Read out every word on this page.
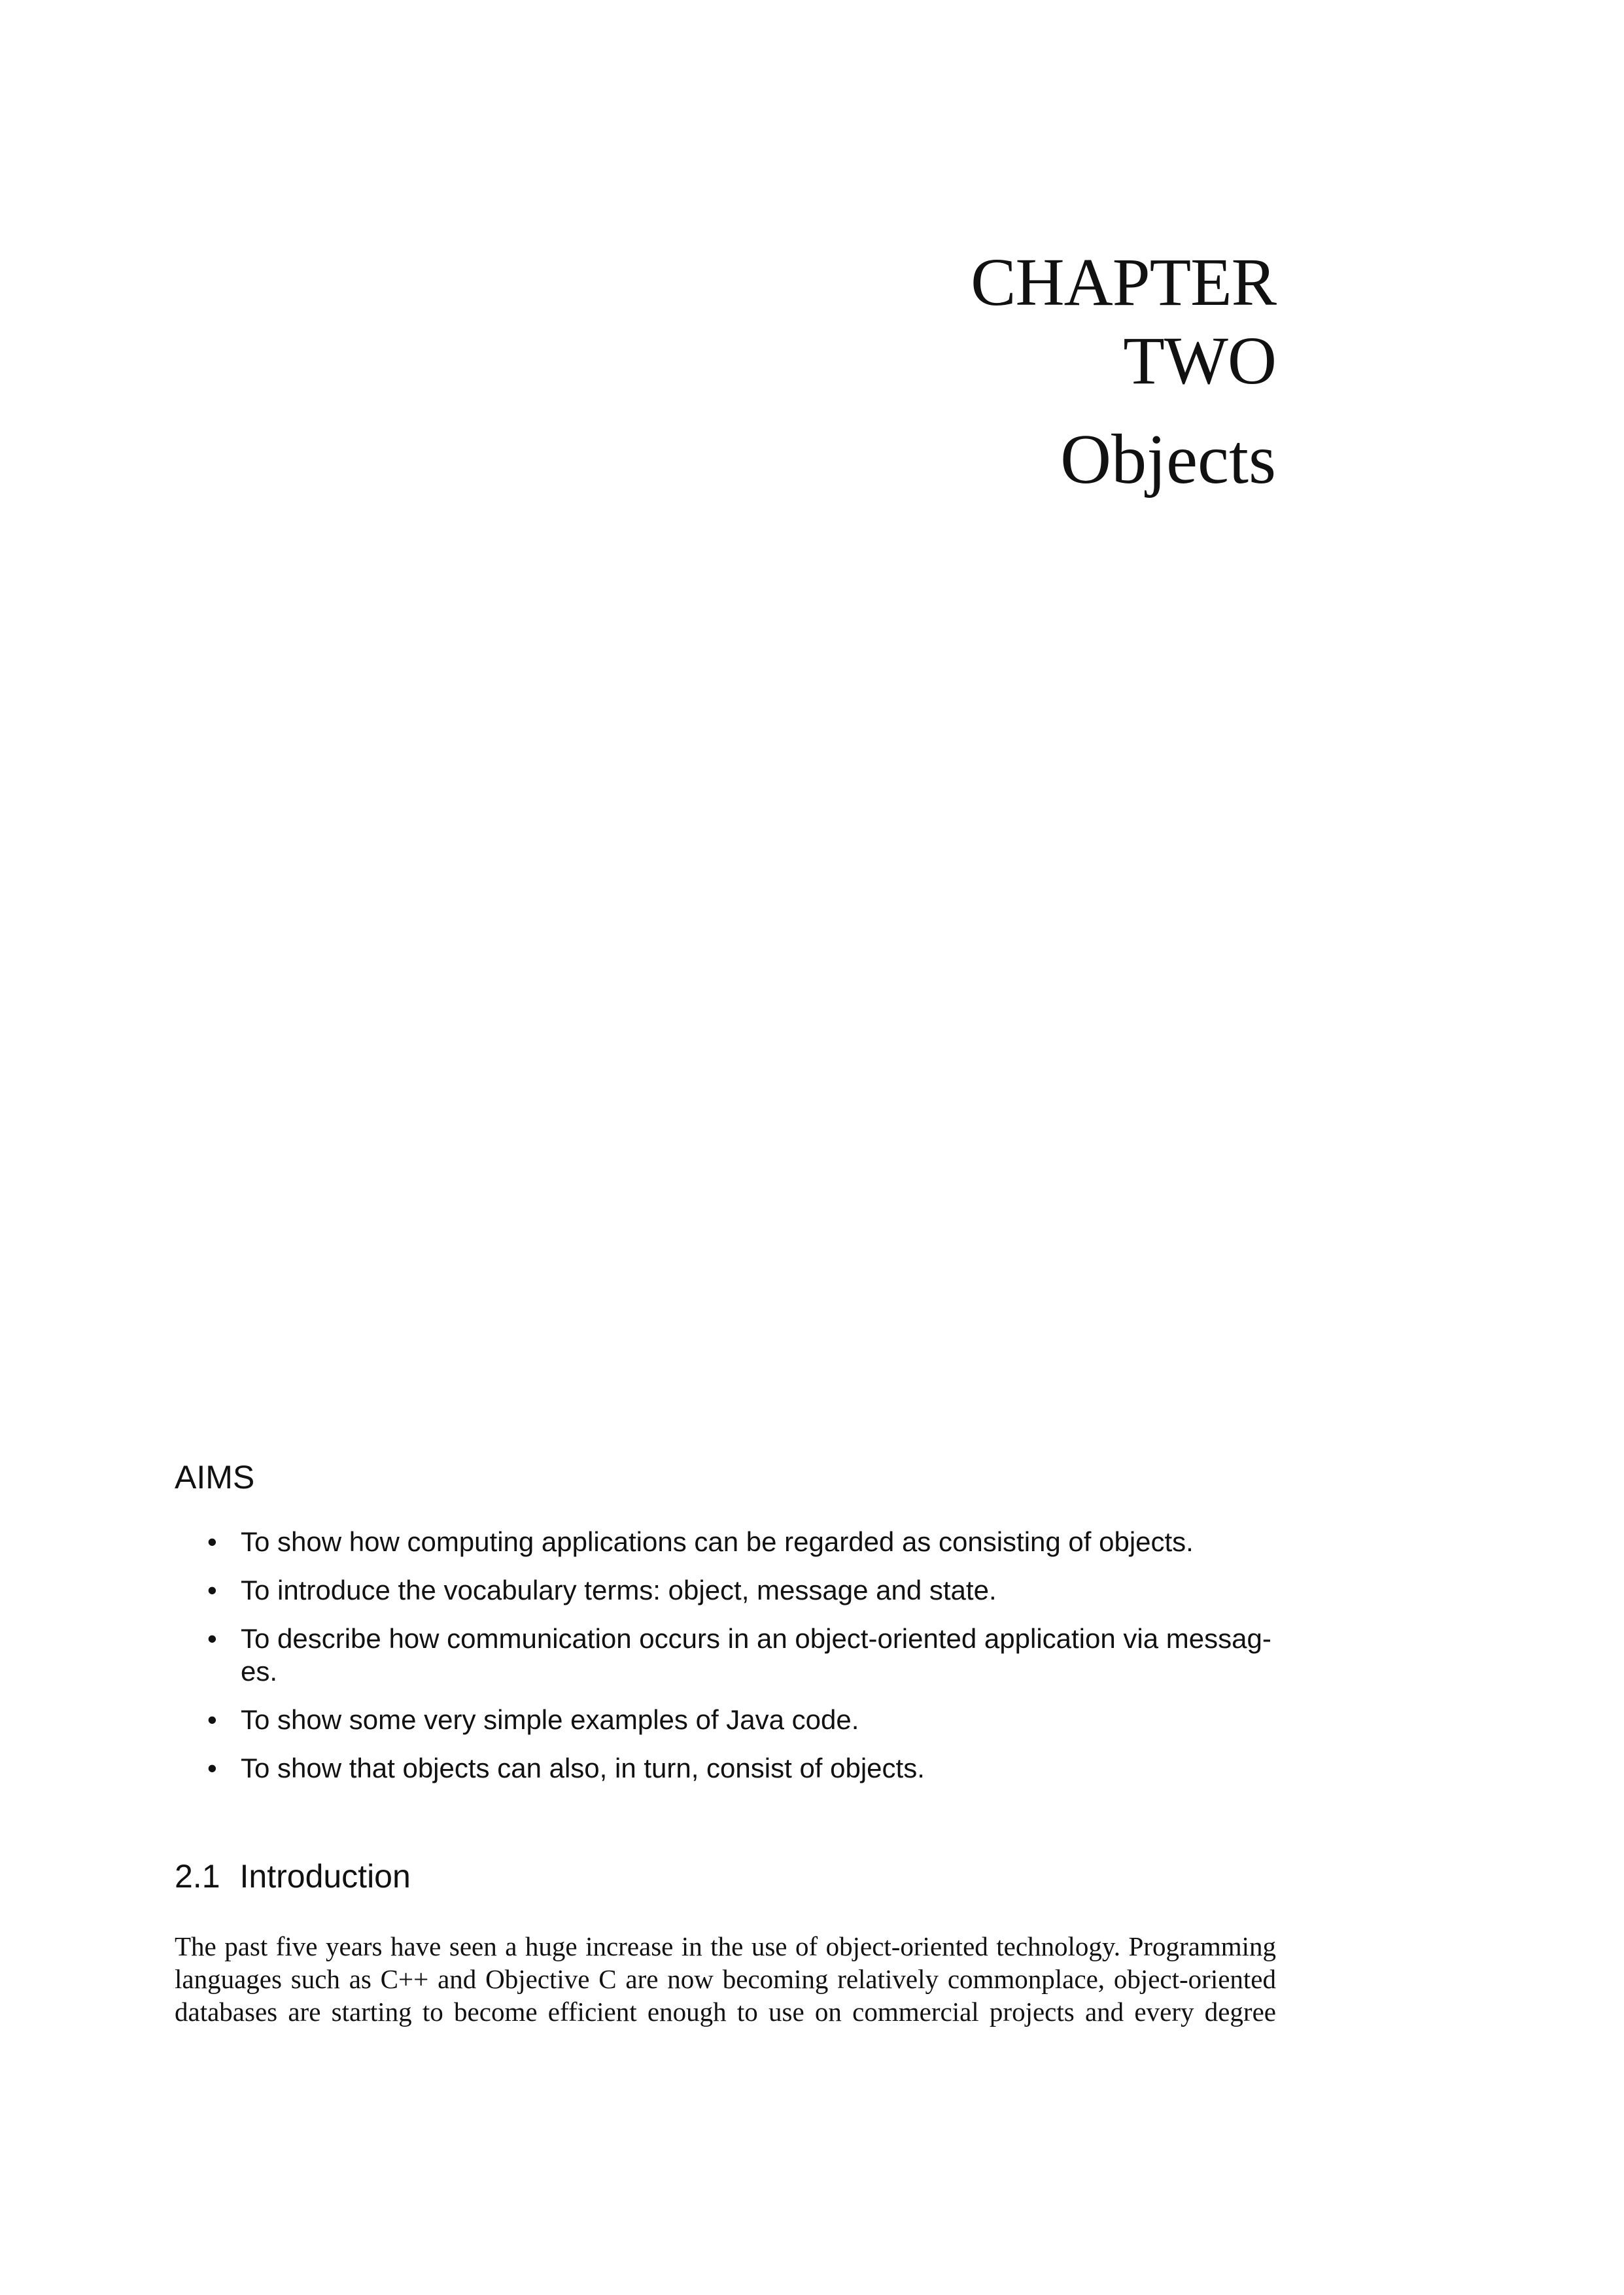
CHAPTER
TWO
Objects
AIMS
• To show how computing applications can be regarded as consisting of objects.
• To introduce the vocabulary terms: object, message and state.
• To describe how communication occurs in an object-oriented application via messag-es.
• To show some very simple examples of Java code.
• To show that objects can also, in turn, consist of objects.
2.1 Introduction

The past five years have seen a huge increase in the use of object-oriented technology. Programming languages such as C++ and Objective C are now becoming relatively commonplace, object-oriented databases are starting to become efficient enough to use on commercial projects and every degree
